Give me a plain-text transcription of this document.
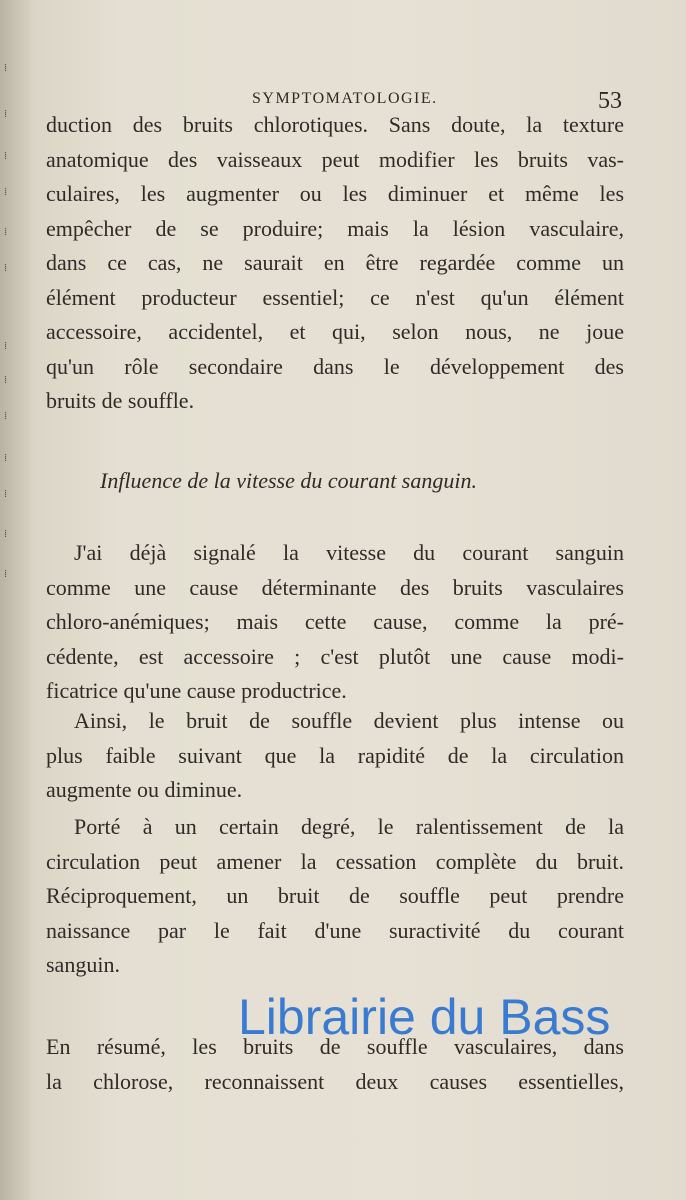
⁞
⁞
⁞
⁞
⁞
⁞
⁞
⁞
⁞
⁞
⁞
⁞
⁞
SYMPTOMATOLOGIE.	53
duction des bruits chlorotiques. Sans doute, la texture
anatomique des vaisseaux peut modifier les bruits vas-
culaires, les augmenter ou les diminuer et même les
empêcher de se produire; mais la lésion vasculaire,
dans ce cas, ne saurait en être regardée comme un
élément producteur essentiel; ce n'est qu'un élément
accessoire, accidentel, et qui, selon nous, ne joue
qu'un rôle secondaire dans le développement des
bruits de souffle.
Influence de la vitesse du courant sanguin.
J'ai déjà signalé la vitesse du courant sanguin
comme une cause déterminante des bruits vasculaires
chloro-anémiques; mais cette cause, comme la pré-
cédente, est accessoire ; c'est plutôt une cause modi-
ficatrice qu'une cause productrice.
Ainsi, le bruit de souffle devient plus intense ou
plus faible suivant que la rapidité de la circulation
augmente ou diminue.
Porté à un certain degré, le ralentissement de la
circulation peut amener la cessation complète du bruit.
Réciproquement, un bruit de souffle peut prendre
naissance par le fait d'une suractivité du courant
sanguin.
En résumé, les bruits de souffle vasculaires, dans
la chlorose, reconnaissent deux causes essentielles,
Librairie du Bass
